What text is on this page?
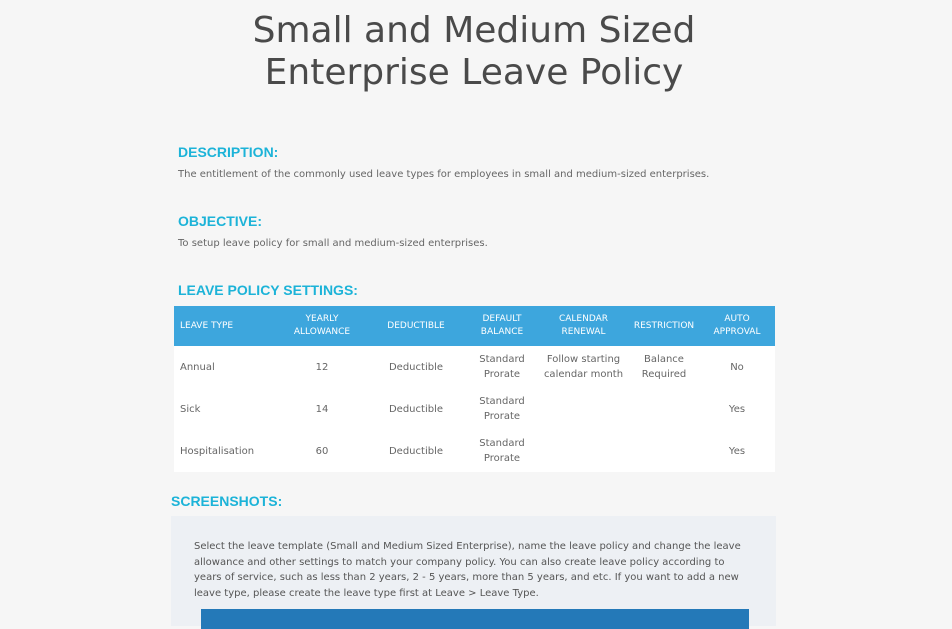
Small and Medium Sized
Enterprise Leave Policy
DESCRIPTION:

The entitlement of the commonly used leave types for employees in small and medium-sized enterprises.

OBJECTIVE:

To setup leave policy for small and medium-sized enterprises.

LEAVE POLICY SETTINGS:
LEAVE TYPE	YEARLY ALLOWANCE	DEDUCTIBLE	DEFAULT BALANCE	CALENDAR RENEWAL	RESTRICTION	AUTO APPROVAL
Annual	12	Deductible	Standard Prorate	Follow starting calendar month	Balance Required	No
Sick	14	Deductible	Standard Prorate			Yes
Hospitalisation	60	Deductible	Standard Prorate			Yes
SCREENSHOTS:

Select the leave template (Small and Medium Sized Enterprise), name the leave policy and change the leave allowance and other settings to match your company policy. You can also create leave policy according to years of service, such as less than 2 years, 2 - 5 years, more than 5 years, and etc. If you want to add a new leave type, please create the leave type first at Leave > Leave Type.
